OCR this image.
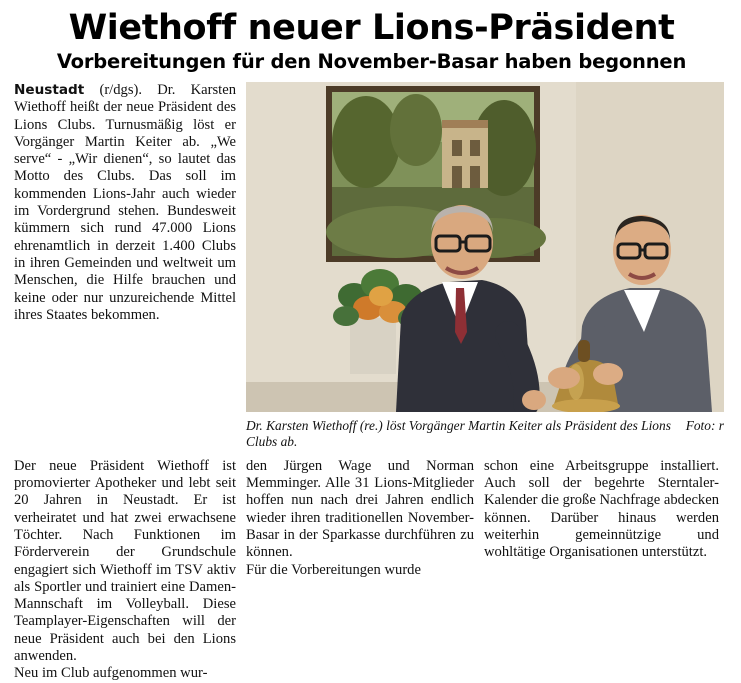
Wiethoff neuer Lions-Präsident
Vorbereitungen für den November-Basar haben begonnen

Neustadt (r/dgs). Dr. Karsten Wiethoff heißt der neue Präsident des Lions Clubs. Turnusmäßig löst er Vorgänger Martin Keiter ab. „We serve“ - „Wir dienen“, so lautet das Motto des Clubs. Das soll im kommenden Lions-Jahr auch wieder im Vordergrund stehen. Bundesweit kümmern sich rund 47.000 Lions ehrenamtlich in derzeit 1.400 Clubs in ihren Gemeinden und weltweit um Menschen, die Hilfe brauchen und keine oder nur unzureichende Mittel ihres Staates bekommen.

Foto: r
Dr. Karsten Wiethoff (re.) löst Vorgänger Martin Keiter als Präsident des Lions Clubs ab.

Der neue Präsident Wiethoff ist promovierter Apotheker und lebt seit 20 Jahren in Neustadt. Er ist verheiratet und hat zwei erwachsene Töchter. Nach Funktionen im Förderverein der Grundschule engagiert sich Wiethoff im TSV aktiv als Sportler und trainiert eine Damen-Mannschaft im Volleyball. Diese Teamplayer-Eigenschaften will der neue Präsident auch bei den Lions anwenden.

Neu im Club aufgenommen wur-

den Jürgen Wage und Norman Memminger. Alle 31 Lions-Mitglieder hoffen nun nach drei Jahren endlich wieder ihren traditionellen November-Basar in der Sparkasse durchführen zu können.

Für die Vorbereitungen wurde

schon eine Arbeitsgruppe installiert. Auch soll der begehrte Sterntaler-Kalender die große Nachfrage abdecken können. Darüber hinaus werden weiterhin gemeinnützige und wohltätige Organisationen unterstützt.
